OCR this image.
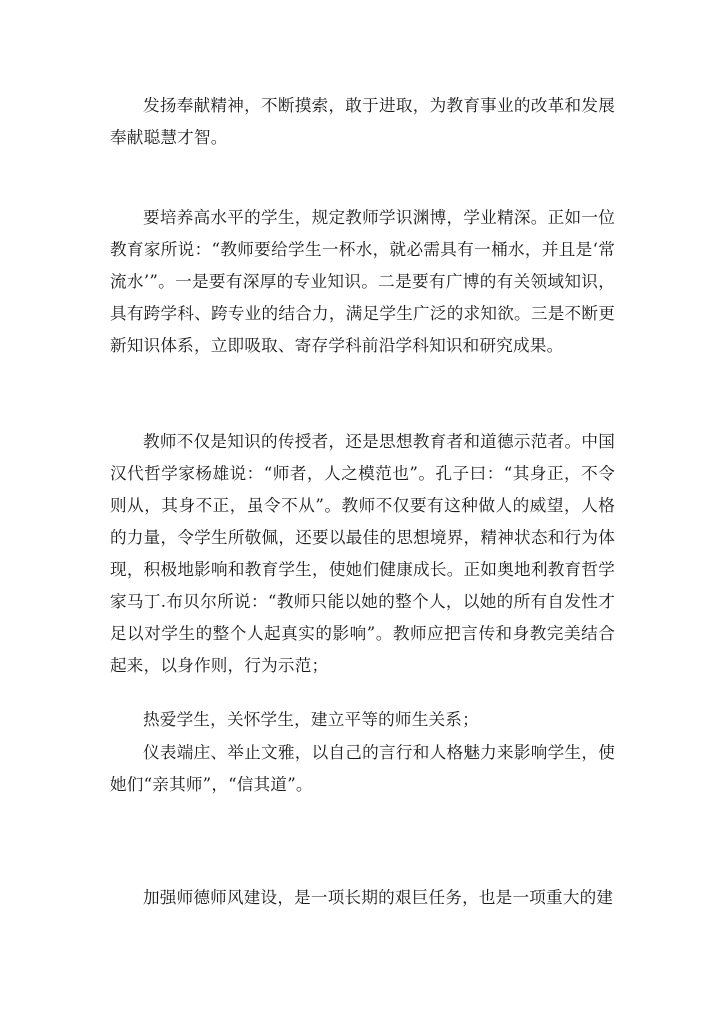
发扬奉献精神，不断摸索，敢于进取，为教育事业的改革和发展奉献聪慧才智。

要培养高水平的学生，规定教师学识渊博，学业精深。正如一位教育家所说：“教师要给学生一杯水，就必需具有一桶水，并且是‘常流水’”。一是要有深厚的专业知识。二是要有广博的有关领域知识，具有跨学科、跨专业的结合力，满足学生广泛的求知欲。三是不断更新知识体系，立即吸取、寄存学科前沿学科知识和研究成果。

教师不仅是知识的传授者，还是思想教育者和道德示范者。中国汉代哲学家杨雄说：“师者，人之模范也”。孔子曰：“其身正，不令则从，其身不正，虽令不从”。教师不仅要有这种做人的威望，人格的力量，令学生所敬佩，还要以最佳的思想境界，精神状态和行为体现，积极地影响和教育学生，使她们健康成长。正如奥地利教育哲学家马丁.布贝尔所说：“教师只能以她的整个人，以她的所有自发性才足以对学生的整个人起真实的影响”。教师应把言传和身教完美结合起来，以身作则，行为示范；

热爱学生，关怀学生，建立平等的师生关系；

仪表端庄、举止文雅，以自己的言行和人格魅力来影响学生，使她们“亲其师”，“信其道”。

加强师德师风建设，是一项长期的艰巨任务，也是一项重大的建
